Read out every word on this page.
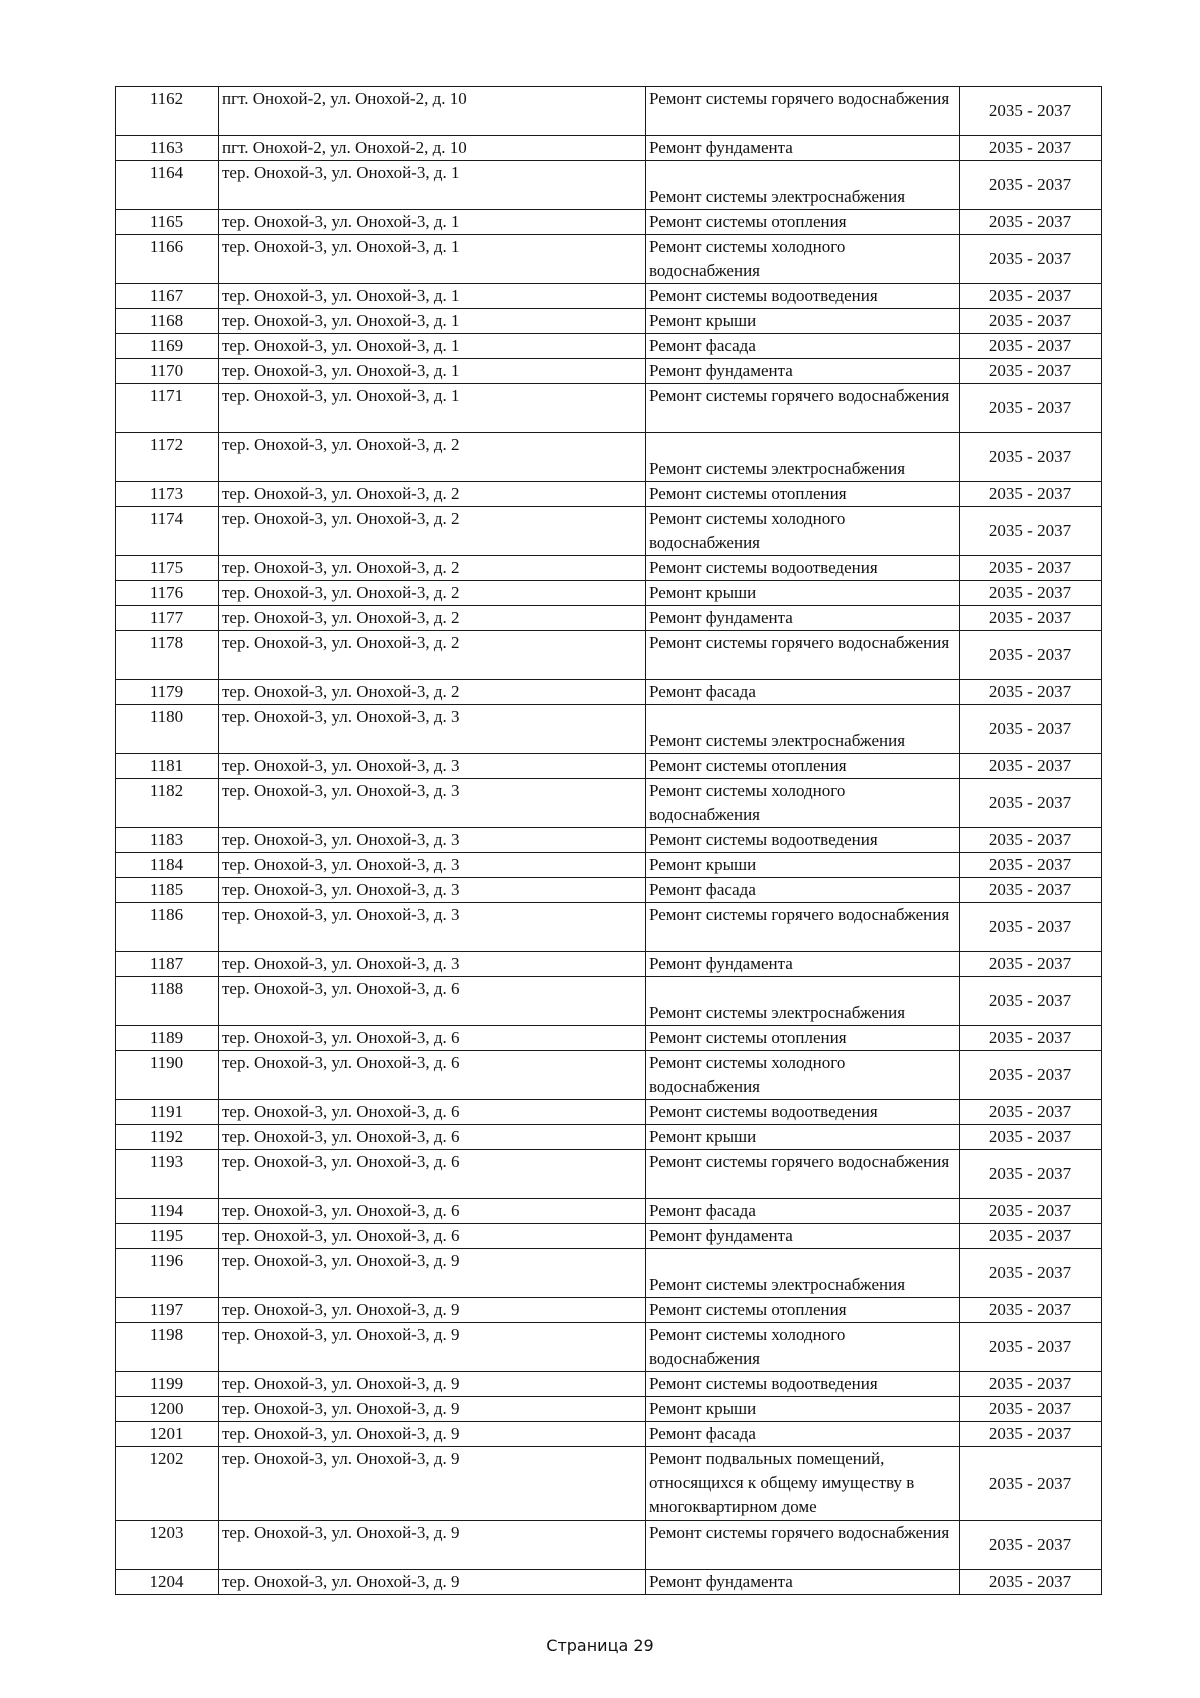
1162	пгт. Онохой-2, ул. Онохой-2, д. 10	Ремонт системы горячего водоснабжения	2035 - 2037
1163	пгт. Онохой-2, ул. Онохой-2, д. 10	Ремонт фундамента	2035 - 2037
1164	тер. Онохой-3, ул. Онохой-3, д. 1	Ремонт системы электроснабжения	2035 - 2037
1165	тер. Онохой-3, ул. Онохой-3, д. 1	Ремонт системы отопления	2035 - 2037
1166	тер. Онохой-3, ул. Онохой-3, д. 1	Ремонт системы холодного водоснабжения	2035 - 2037
1167	тер. Онохой-3, ул. Онохой-3, д. 1	Ремонт системы водоотведения	2035 - 2037
1168	тер. Онохой-3, ул. Онохой-3, д. 1	Ремонт крыши	2035 - 2037
1169	тер. Онохой-3, ул. Онохой-3, д. 1	Ремонт фасада	2035 - 2037
1170	тер. Онохой-3, ул. Онохой-3, д. 1	Ремонт фундамента	2035 - 2037
1171	тер. Онохой-3, ул. Онохой-3, д. 1	Ремонт системы горячего водоснабжения	2035 - 2037
1172	тер. Онохой-3, ул. Онохой-3, д. 2	Ремонт системы электроснабжения	2035 - 2037
1173	тер. Онохой-3, ул. Онохой-3, д. 2	Ремонт системы отопления	2035 - 2037
1174	тер. Онохой-3, ул. Онохой-3, д. 2	Ремонт системы холодного водоснабжения	2035 - 2037
1175	тер. Онохой-3, ул. Онохой-3, д. 2	Ремонт системы водоотведения	2035 - 2037
1176	тер. Онохой-3, ул. Онохой-3, д. 2	Ремонт крыши	2035 - 2037
1177	тер. Онохой-3, ул. Онохой-3, д. 2	Ремонт фундамента	2035 - 2037
1178	тер. Онохой-3, ул. Онохой-3, д. 2	Ремонт системы горячего водоснабжения	2035 - 2037
1179	тер. Онохой-3, ул. Онохой-3, д. 2	Ремонт фасада	2035 - 2037
1180	тер. Онохой-3, ул. Онохой-3, д. 3	Ремонт системы электроснабжения	2035 - 2037
1181	тер. Онохой-3, ул. Онохой-3, д. 3	Ремонт системы отопления	2035 - 2037
1182	тер. Онохой-3, ул. Онохой-3, д. 3	Ремонт системы холодного водоснабжения	2035 - 2037
1183	тер. Онохой-3, ул. Онохой-3, д. 3	Ремонт системы водоотведения	2035 - 2037
1184	тер. Онохой-3, ул. Онохой-3, д. 3	Ремонт крыши	2035 - 2037
1185	тер. Онохой-3, ул. Онохой-3, д. 3	Ремонт фасада	2035 - 2037
1186	тер. Онохой-3, ул. Онохой-3, д. 3	Ремонт системы горячего водоснабжения	2035 - 2037
1187	тер. Онохой-3, ул. Онохой-3, д. 3	Ремонт фундамента	2035 - 2037
1188	тер. Онохой-3, ул. Онохой-3, д. 6	Ремонт системы электроснабжения	2035 - 2037
1189	тер. Онохой-3, ул. Онохой-3, д. 6	Ремонт системы отопления	2035 - 2037
1190	тер. Онохой-3, ул. Онохой-3, д. 6	Ремонт системы холодного водоснабжения	2035 - 2037
1191	тер. Онохой-3, ул. Онохой-3, д. 6	Ремонт системы водоотведения	2035 - 2037
1192	тер. Онохой-3, ул. Онохой-3, д. 6	Ремонт крыши	2035 - 2037
1193	тер. Онохой-3, ул. Онохой-3, д. 6	Ремонт системы горячего водоснабжения	2035 - 2037
1194	тер. Онохой-3, ул. Онохой-3, д. 6	Ремонт фасада	2035 - 2037
1195	тер. Онохой-3, ул. Онохой-3, д. 6	Ремонт фундамента	2035 - 2037
1196	тер. Онохой-3, ул. Онохой-3, д. 9	Ремонт системы электроснабжения	2035 - 2037
1197	тер. Онохой-3, ул. Онохой-3, д. 9	Ремонт системы отопления	2035 - 2037
1198	тер. Онохой-3, ул. Онохой-3, д. 9	Ремонт системы холодного водоснабжения	2035 - 2037
1199	тер. Онохой-3, ул. Онохой-3, д. 9	Ремонт системы водоотведения	2035 - 2037
1200	тер. Онохой-3, ул. Онохой-3, д. 9	Ремонт крыши	2035 - 2037
1201	тер. Онохой-3, ул. Онохой-3, д. 9	Ремонт фасада	2035 - 2037
1202	тер. Онохой-3, ул. Онохой-3, д. 9	Ремонт подвальных помещений, относящихся к общему имуществу в многоквартирном доме	2035 - 2037
1203	тер. Онохой-3, ул. Онохой-3, д. 9	Ремонт системы горячего водоснабжения	2035 - 2037
1204	тер. Онохой-3, ул. Онохой-3, д. 9	Ремонт фундамента	2035 - 2037
Страница 29
